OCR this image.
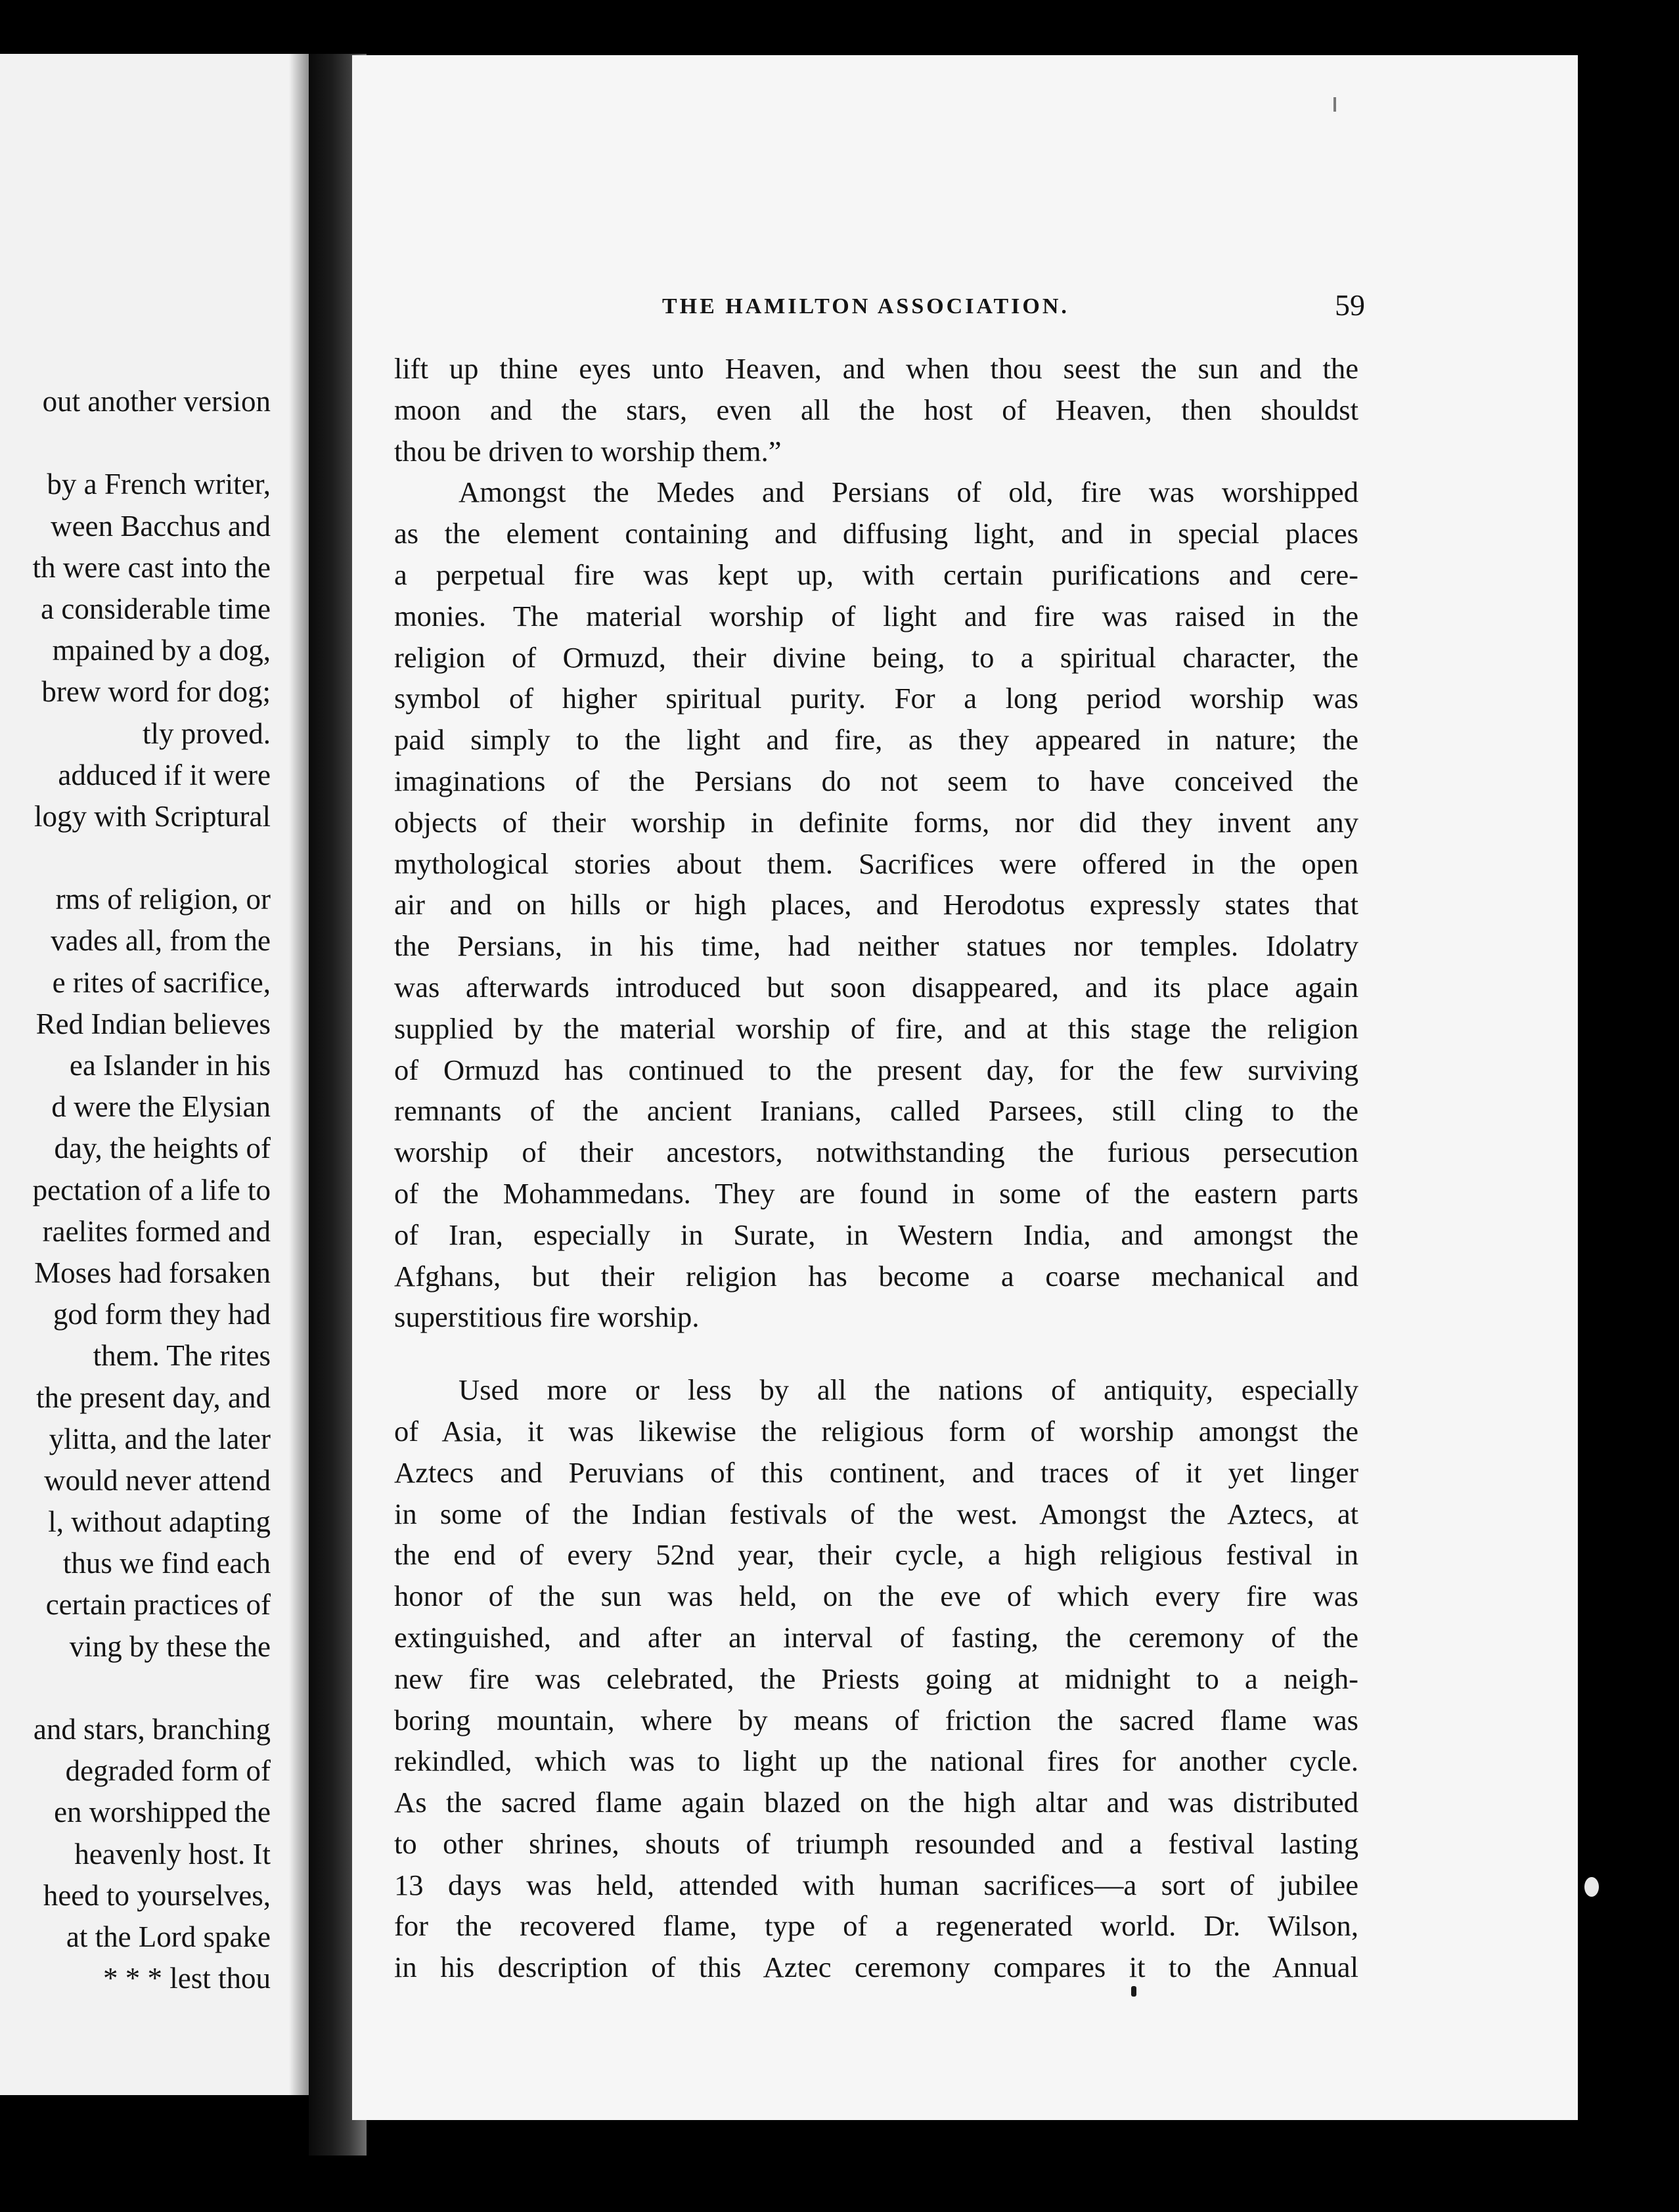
out another version
by a French writer,
ween Bacchus and
th were cast into the
a considerable time
mpained by a dog,
brew word for dog;
tly proved.
adduced if it were
logy with Scriptural
rms of religion, or
vades all, from the
e rites of sacrifice,
Red Indian believes
ea Islander in his
d were the Elysian
day, the heights of
pectation of a life to
raelites formed and
Moses had forsaken
god form they had
them. The rites
the present day, and
ylitta, and the later
would never attend
l, without adapting
thus we find each
certain practices of
ving by these the
and stars, branching
degraded form of
en worshipped the
heavenly host. It
heed to yourselves,
at the Lord spake
* * * lest thou
THE HAMILTON ASSOCIATION.	59
lift up thine eyes unto Heaven, and when thou seest the sun and the
moon and the stars, even all the host of Heaven, then shouldst
thou be driven to worship them.”
Amongst the Medes and Persians of old, fire was worshipped
as the element containing and diffusing light, and in special places
a perpetual fire was kept up, with certain purifications and cere-
monies. The material worship of light and fire was raised in the
religion of Ormuzd, their divine being, to a spiritual character, the
symbol of higher spiritual purity. For a long period worship was
paid simply to the light and fire, as they appeared in nature; the
imaginations of the Persians do not seem to have conceived the
objects of their worship in definite forms, nor did they invent any
mythological stories about them. Sacrifices were offered in the open
air and on hills or high places, and Herodotus expressly states that
the Persians, in his time, had neither statues nor temples. Idolatry
was afterwards introduced but soon disappeared, and its place again
supplied by the material worship of fire, and at this stage the religion
of Ormuzd has continued to the present day, for the few surviving
remnants of the ancient Iranians, called Parsees, still cling to the
worship of their ancestors, notwithstanding the furious persecution
of the Mohammedans. They are found in some of the eastern parts
of Iran, especially in Surate, in Western India, and amongst the
Afghans, but their religion has become a coarse mechanical and
superstitious fire worship.
Used more or less by all the nations of antiquity, especially
of Asia, it was likewise the religious form of worship amongst the
Aztecs and Peruvians of this continent, and traces of it yet linger
in some of the Indian festivals of the west. Amongst the Aztecs, at
the end of every 52nd year, their cycle, a high religious festival in
honor of the sun was held, on the eve of which every fire was
extinguished, and after an interval of fasting, the ceremony of the
new fire was celebrated, the Priests going at midnight to a neigh-
boring mountain, where by means of friction the sacred flame was
rekindled, which was to light up the national fires for another cycle.
As the sacred flame again blazed on the high altar and was distributed
to other shrines, shouts of triumph resounded and a festival lasting
13 days was held, attended with human sacrifices—a sort of jubilee
for the recovered flame, type of a regenerated world. Dr. Wilson,
in his description of this Aztec ceremony compares it to the Annual
